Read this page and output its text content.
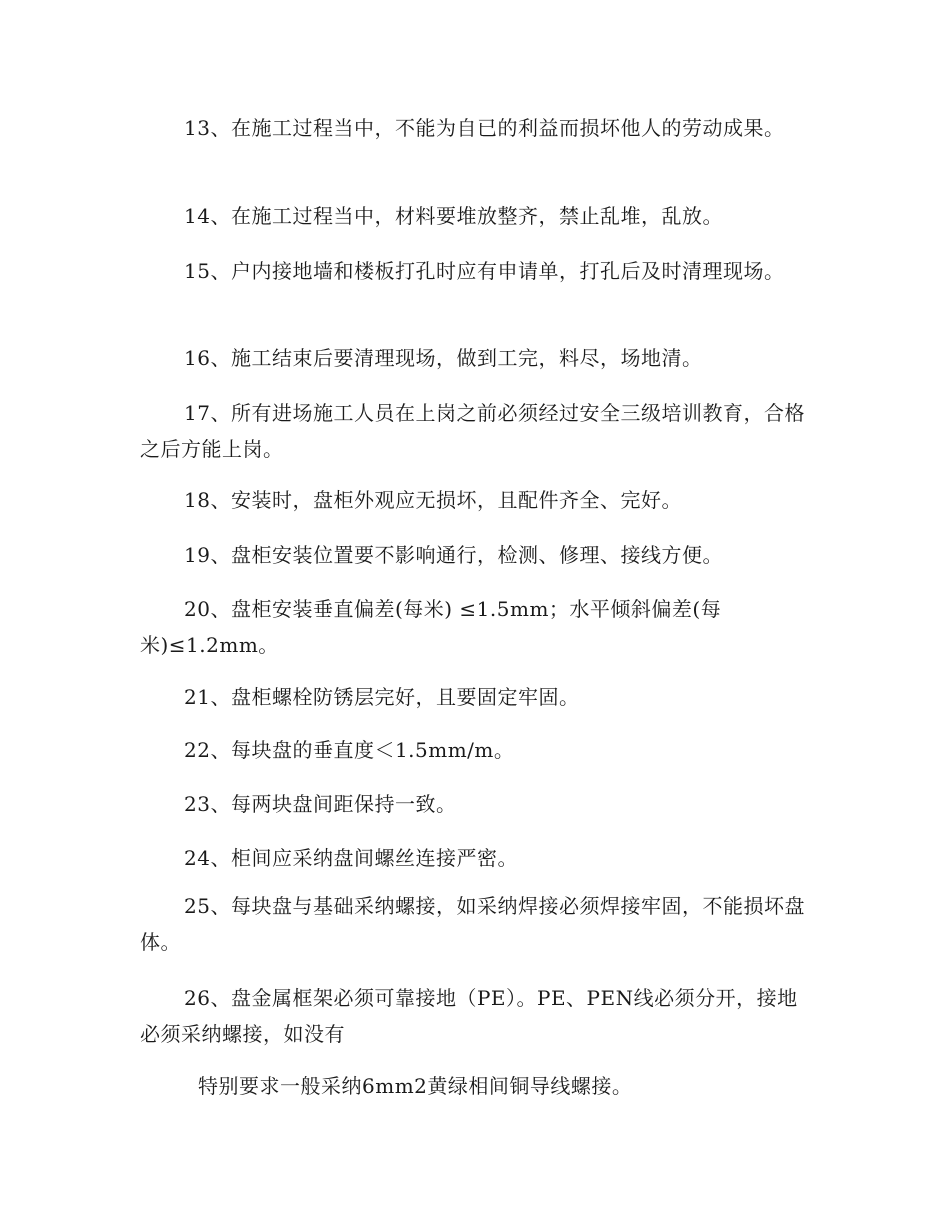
13、在施工过程当中，不能为自已的利益而损坏他人的劳动成果。

14、在施工过程当中，材料要堆放整齐，禁止乱堆，乱放。

15、户内接地墙和楼板打孔时应有申请单，打孔后及时清理现场。

16、施工结束后要清理现场，做到工完，料尽，场地清。

17、所有进场施工人员在上岗之前必须经过安全三级培训教育，合格之后方能上岗。

18、安装时，盘柜外观应无损坏，且配件齐全、完好。

19、盘柜安装位置要不影响通行，检测、修理、接线方便。

20、盘柜安装垂直偏差(每米) ≤1.5mm；水平倾斜偏差(每米)≤1.2mm。

21、盘柜螺栓防锈层完好，且要固定牢固。

22、每块盘的垂直度＜1.5mm/m。

23、每两块盘间距保持一致。

24、柜间应采纳盘间螺丝连接严密。

25、每块盘与基础采纳螺接，如采纳焊接必须焊接牢固，不能损坏盘体。

26、盘金属框架必须可靠接地（PE）。PE、PEN线必须分开，接地必须采纳螺接，如没有

特别要求一般采纳6mm2黄绿相间铜导线螺接。
